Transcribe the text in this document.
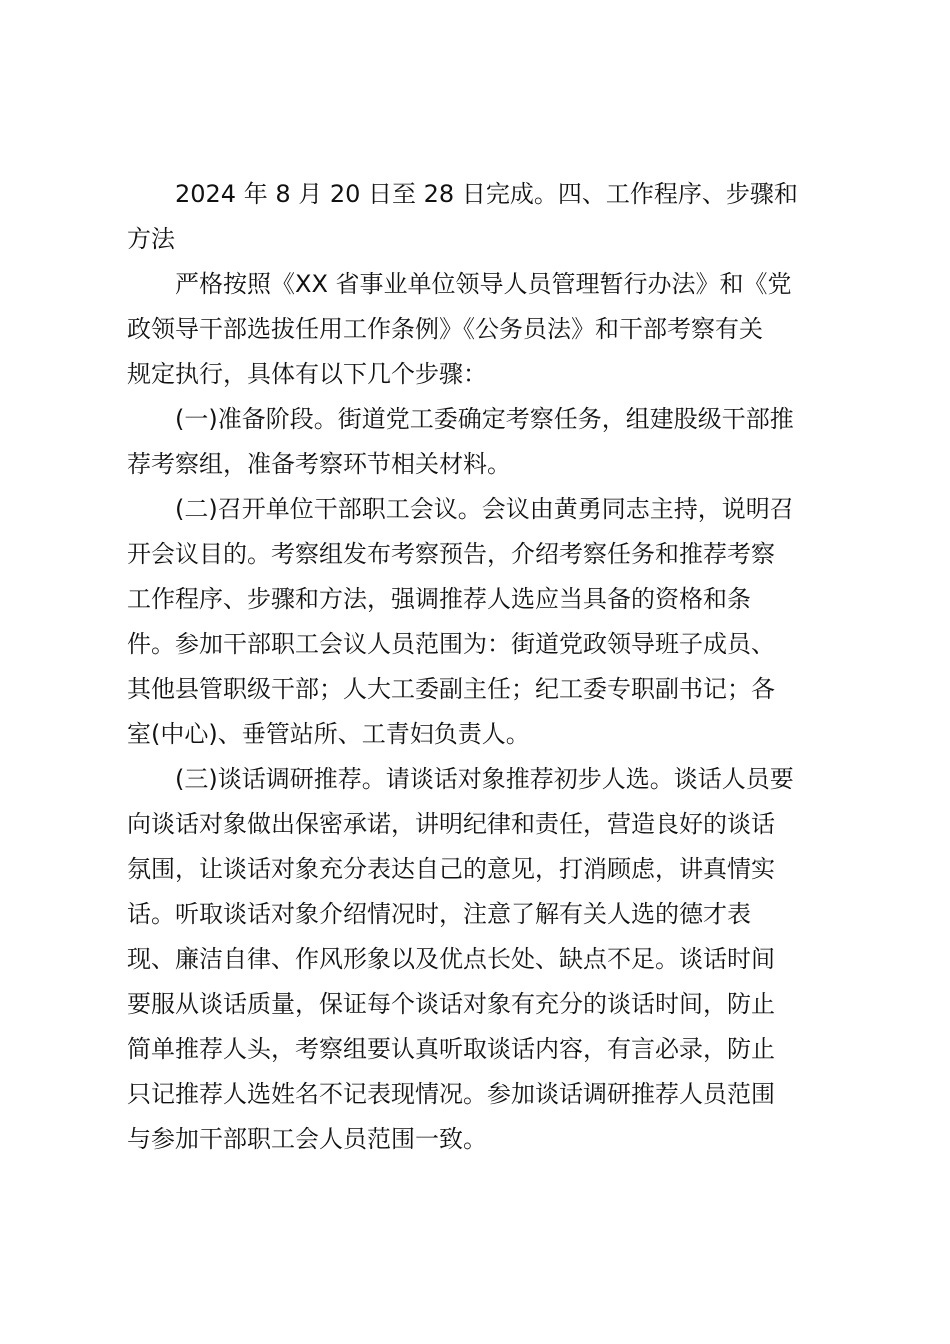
2024 年 8 月 20 日至 28 日完成。四、工作程序、步骤和
方法

严格按照《XX 省事业单位领导人员管理暂行办法》和《党
政领导干部选拔任用工作条例》《公务员法》和干部考察有关
规定执行，具体有以下几个步骤：

(一)准备阶段。街道党工委确定考察任务，组建股级干部推
荐考察组，准备考察环节相关材料。

(二)召开单位干部职工会议。会议由黄勇同志主持，说明召
开会议目的。考察组发布考察预告，介绍考察任务和推荐考察
工作程序、步骤和方法，强调推荐人选应当具备的资格和条
件。参加干部职工会议人员范围为：街道党政领导班子成员、
其他县管职级干部；人大工委副主任；纪工委专职副书记；各
室(中心)、垂管站所、工青妇负责人。

(三)谈话调研推荐。请谈话对象推荐初步人选。谈话人员要
向谈话对象做出保密承诺，讲明纪律和责任，营造良好的谈话
氛围，让谈话对象充分表达自己的意见，打消顾虑，讲真情实
话。听取谈话对象介绍情况时，注意了解有关人选的德才表
现、廉洁自律、作风形象以及优点长处、缺点不足。谈话时间
要服从谈话质量，保证每个谈话对象有充分的谈话时间，防止
简单推荐人头，考察组要认真听取谈话内容，有言必录，防止
只记推荐人选姓名不记表现情况。参加谈话调研推荐人员范围
与参加干部职工会人员范围一致。
